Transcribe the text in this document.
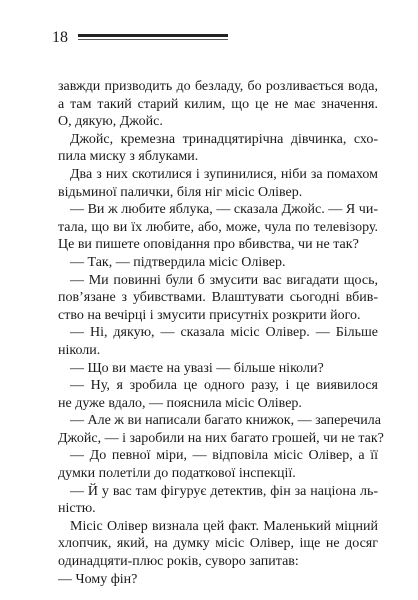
18
завжди призводить до безладу, бо розливається вода,
а там такий старий килим, що це не має значення.
О, дякую, Джойс.
Джойс, кремезна тринадцятирічна дівчинка, схо-
пила миску з яблуками.
Два з них скотилися і зупинилися, ніби за помахом
відьминої палички, біля ніг місіс Олівер.
— Ви ж любите яблука, — сказала Джойс. — Я чи-
тала, що ви їх любите, або, може, чула по телевізору.
Це ви пишете оповідання про вбивства, чи не так?
— Так, — підтвердила місіс Олівер.
— Ми повинні були б змусити вас вигадати щось,
пов’язане з убивствами. Влаштувати сьогодні вбив-
ство на вечірці і змусити присутніх розкрити його.
— Ні, дякую, — сказала місіс Олівер. — Більше
ніколи.
— Що ви маєте на увазі — більше ніколи?
— Ну, я зробила це одного разу, і це виявилося
не дуже вдало, — пояснила місіс Олівер.
— Але ж ви написали багато книжок, — заперечила
Джойс, — і заробили на них багато грошей, чи не так?
— До певної міри, — відповіла місіс Олівер, а її
думки полетіли до податкової інспекції.
— Й у вас там фігурує детектив, фін за націона ль-
ністю.
Місіс Олівер визнала цей факт. Маленький міцний
хлопчик, який, на думку місіс Олівер, іще не досяг
одинадцяти-плюс років, суворо запитав:
— Чому фін?
